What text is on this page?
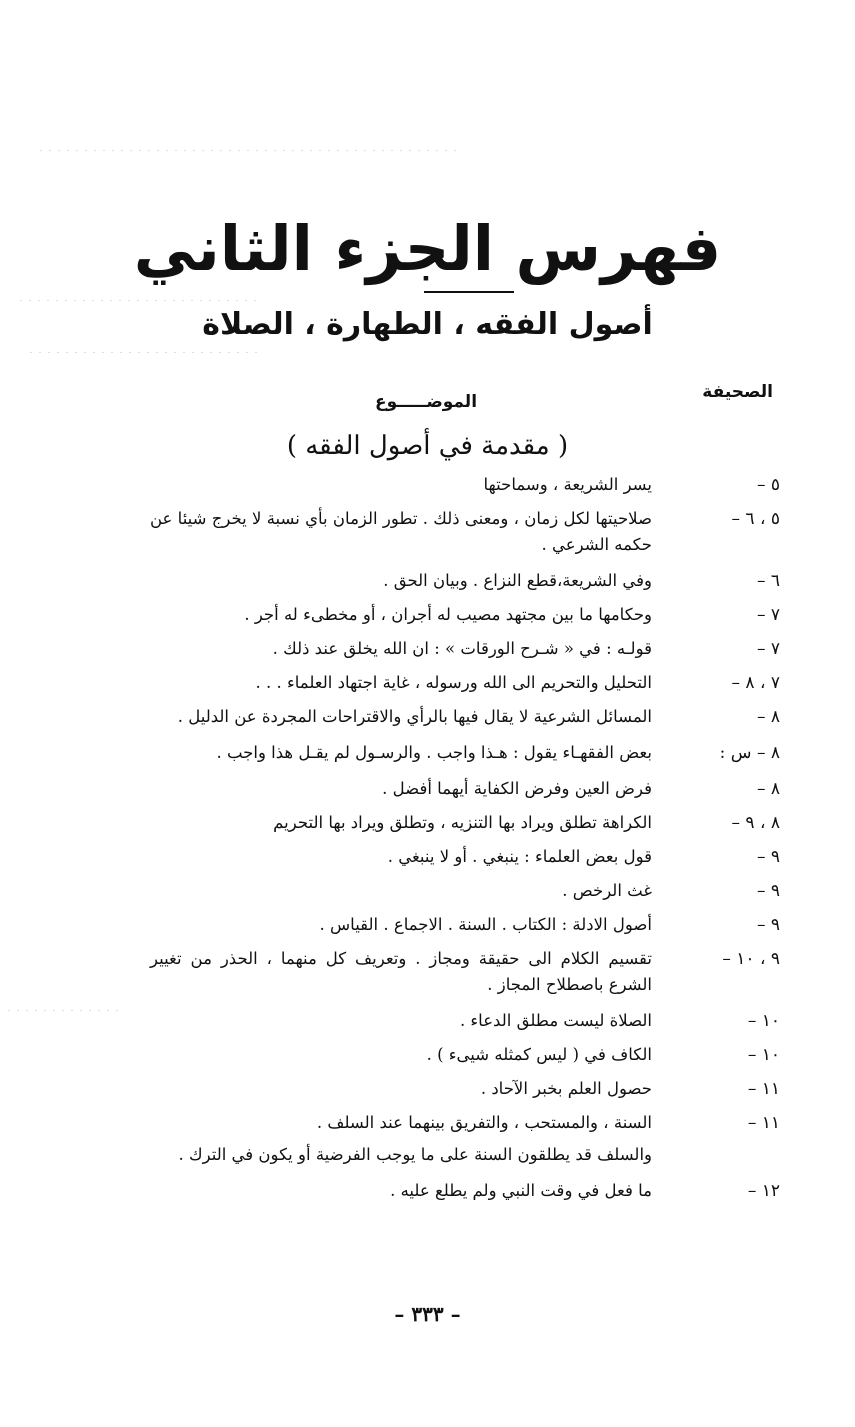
فهرس الجزء الثاني
أصول الفقه ، الطهارة ، الصلاة
الصحيفة
الموضـــــوع
( مقدمة في أصول الفقه )
٥ –
يسر الشريعة ، وسماحتها
٥ ، ٦ –
صلاحيتها لكل زمان ، ومعنى ذلك . تطور الزمان بأي نسبة لا يخرج شيئا عن حكمه الشرعي .
٦ –
وفي الشريعة،قطع النزاع . وبيان الحق .
٧ –
وحكامها ما بين مجتهد مصيب له أجران ، أو مخطىء له أجر .
٧ –
قولـه : في « شـرح الورقات » : ان الله يخلق عند ذلك .
٧ ، ٨ –
التحليل والتحريم الى الله ورسوله ، غاية اجتهاد العلماء . . .
٨ –
المسائل الشرعية لا يقال فيها بالرأي والاقتراحات المجردة عن الدليل .
٨ – س :
بعض الفقهـاء يقول : هـذا واجب . والرسـول لم يقـل هذا واجب .
٨ –
فرض العين وفرض الكفاية أيهما أفضل .
٨ ، ٩ –
الكراهة تطلق ويراد بها التنزيه ، وتطلق ويراد بها التحريم
٩ –
قول بعض العلماء : ينبغي . أو لا ينبغي .
٩ –
غث الرخص .
٩ –
أصول الادلة : الكتاب . السنة . الاجماع . القياس .
٩ ، ١٠ –
تقسيم الكلام الى حقيقة ومجاز . وتعريف كل منهما ، الحذر من تغيير الشرع باصطلاح المجاز .
١٠ –
الصلاة ليست مطلق الدعاء .
١٠ –
الكاف في ( ليس كمثله شيىء ) .
١١ –
حصول العلم بخبر الآحاد .
١١ –
السنة ، والمستحب ، والتفريق بينهما عند السلف .
والسلف قد يطلقون السنة على ما يوجب الفرضية أو يكون في الترك .
١٢ –
ما فعل في وقت النبي ولم يطلع عليه .
– ٣٣٣ –
